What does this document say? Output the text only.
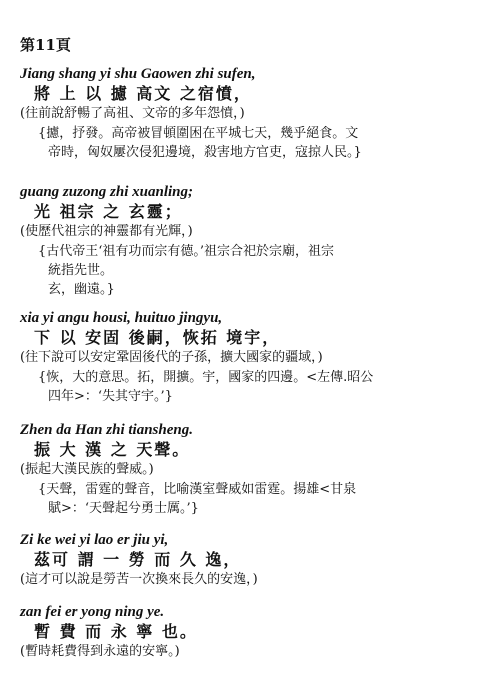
第11頁
Jiang shang yi shu Gaowen zhi sufen,
將 上 以 攄 高文 之宿憤，
(往前說舒暢了高祖、文帝的多年怨憤，)
{攄，抒發。高帝被冒頓圍困在平城七天，幾乎絕食。文
帝時，匈奴屢次侵犯邊境，殺害地方官吏，寇掠人民。}
guang zuzong zhi xuanling;
光 祖宗 之 玄靈；
(使歷代祖宗的神靈都有光輝，)
{古代帝王‘祖有功而宗有德。’祖宗合祀於宗廟，祖宗
統指先世。
玄，幽遠。}
xia yi angu housi, huituo jingyu,
下 以 安固 後嗣，恢拓 境宇，
(往下說可以安定鞏固後代的子孫，擴大國家的疆域，)
{恢，大的意思。拓，開擴。宇，國家的四邊。<左傳.昭公
四年>：‘失其守宇。’}
Zhen da Han zhi tiansheng.
振 大 漢 之 天聲。
(振起大漢民族的聲威。)
{天聲，雷霆的聲音，比喻漢室聲威如雷霆。揚雄<甘泉
賦>：‘天聲起兮勇士厲。’}
Zi ke wei yi lao er jiu yi,
茲可 謂 一 勞 而 久 逸，
(這才可以說是勞苦一次換來長久的安逸，)
zan fei er yong ning ye.
暫 費 而 永 寧 也。
(暫時耗費得到永遠的安寧。)
